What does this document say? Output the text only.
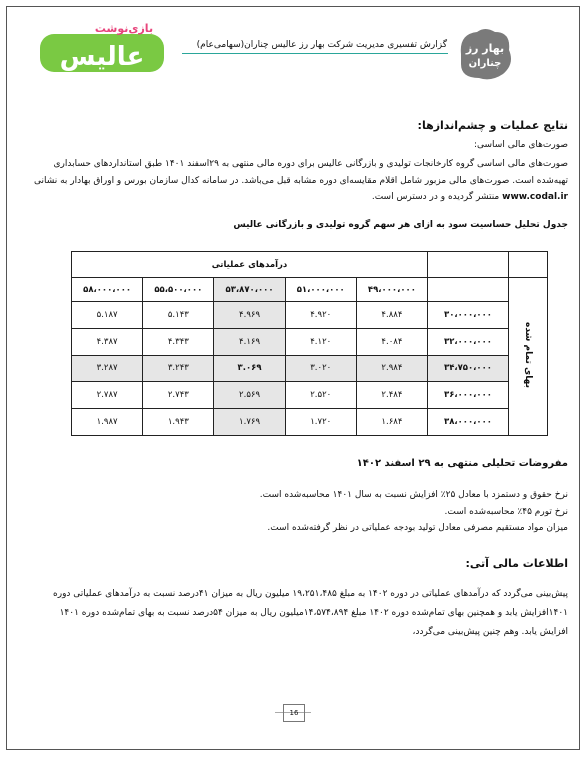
عالیس
بازی‌نوشت
بهار رز
چناران
گزارش تفسیری مدیریت شرکت بهار رز عالیس چناران(سهامی‌عام)
نتایج عملیات و چشم‌اندازها:
صورت‌های مالی اساسی:
صورت‌های مالی اساسی گروه کارخانجات تولیدی و بازرگانی عالیس برای دوره مالی منتهی به ۲۹اسفند ۱۴۰۱ طبق استانداردهای حسابداری
تهیه‌شده است. صورت‌های مالی مزبور شامل اقلام مقایسه‌ای دوره مشابه قبل می‌باشد. در سامانه کدال سازمان بورس و اوراق بهادار به نشانی
www.codal.ir منتشر گردیده و در دسترس است.
جدول تحلیل حساسیت سود به ازای هر سهم گروه تولیدی و بازرگانی عالیس
		درآمدهای عملیاتی				
بهای تمام شده		۴۹،۰۰۰،۰۰۰	۵۱،۰۰۰،۰۰۰	۵۳،۸۷۰،۰۰۰	۵۵،۵۰۰،۰۰۰	۵۸،۰۰۰،۰۰۰
	۳۰،۰۰۰،۰۰۰	۴.۸۸۴	۴.۹۲۰	۴.۹۶۹	۵.۱۴۳	۵.۱۸۷
	۳۲،۰۰۰،۰۰۰	۴.۰۸۴	۴.۱۲۰	۴.۱۶۹	۴.۳۴۳	۴.۳۸۷
	۳۴،۷۵۰،۰۰۰	۲.۹۸۴	۳.۰۲۰	۳.۰۶۹	۳.۲۴۳	۳.۲۸۷
	۳۶،۰۰۰،۰۰۰	۲.۴۸۴	۲.۵۲۰	۲.۵۶۹	۲.۷۴۳	۲.۷۸۷
	۳۸،۰۰۰،۰۰۰	۱.۶۸۴	۱.۷۲۰	۱.۷۶۹	۱.۹۴۳	۱.۹۸۷
مفروضات تحلیلی منتهی به ۲۹ اسفند ۱۴۰۲
نرخ حقوق و دستمزد با معادل ۲۵٪ افزایش نسبت به سال ۱۴۰۱ محاسبه‌شده است.
نرخ تورم ۴۵٪ محاسبه‌شده است.
میزان مواد مستقیم مصرفی معادل تولید بودجه عملیاتی در نظر گرفته‌شده است.
اطلاعات مالی آتی:
پیش‌بینی می‌گردد که درآمدهای عملیاتی در دوره ۱۴۰۲ به مبلغ ۱۹،۲۵۱،۴۸۵ میلیون ریال به میزان ۴۱درصد نسبت به درآمدهای عملیاتی دوره
۱۴۰۱افزایش یابد و همچنین بهای تمام‌شده دوره ۱۴۰۲ مبلغ ۱۴،۵۷۴،۸۹۴میلیون ریال به میزان ۵۴درصد نسبت به بهای تمام‌شده دوره ۱۴۰۱
افزایش یابد. وهم چنین پیش‌بینی می‌گردد،
16
